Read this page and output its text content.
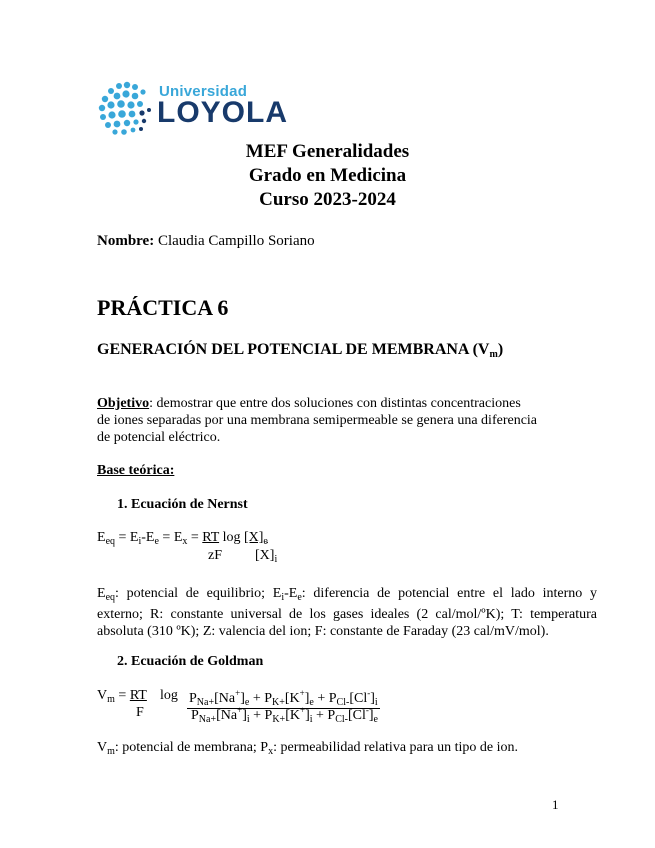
Universidad
LOYOLA
MEF Generalidades
Grado en Medicina
Curso 2023-2024
Nombre: Claudia Campillo Soriano
PRÁCTICA 6
GENERACIÓN DEL POTENCIAL DE MEMBRANA $(V_m)$
Objetivo: demostrar que entre dos soluciones con distintas concentraciones
de iones separadas por una membrana semipermeable se genera una diferencia
de potencial eléctrico.
Base teórica:
1. Ecuación de Nernst
$E_{eq} = E_i-E_e = E_x$ = RT $\log [X]_e$
zF $[X]_i$
$E_{eq}$: potencial de equilibrio; $E_i-E_e$: diferencia de potencial entre el lado interno y
externo; R: constante universal de los gases ideales (2 cal/mol/ºK); T: temperatura
absoluta (310 ºK); Z: valencia del ion; F: constante de Faraday (23 cal/mV/mol).
2. Ecuación de Goldman
$V_m$ = RT $\log P_{Na+}[Na^+]_e + P_{K+}[K^+]_e + P_{Cl-}[Cl^-]_i$
F	$P_{Na+}[Na^+]_i + P_{K+}[K^+]_i + P_{Cl-}[Cl^-]_e$
$V_m$: potencial de membrana; $P_x$: permeabilidad relativa para un tipo de ion.
1
